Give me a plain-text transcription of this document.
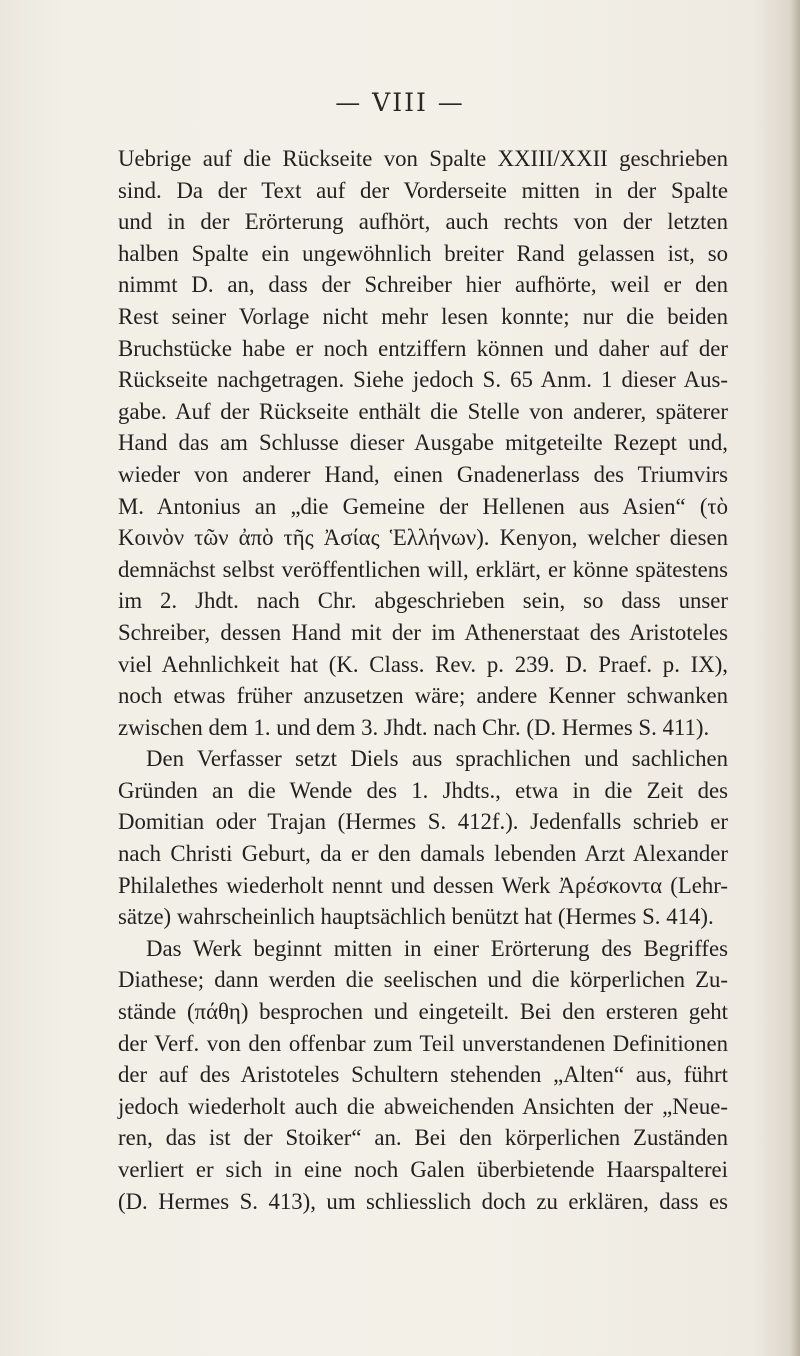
— VIII —
Uebrige auf die Rückseite von Spalte XXIII/XXII geschrieben
sind. Da der Text auf der Vorderseite mitten in der Spalte
und in der Erörterung aufhört, auch rechts von der letzten
halben Spalte ein ungewöhnlich breiter Rand gelassen ist, so
nimmt D. an, dass der Schreiber hier aufhörte, weil er den
Rest seiner Vorlage nicht mehr lesen konnte; nur die beiden
Bruchstücke habe er noch entziffern können und daher auf der
Rückseite nachgetragen. Siehe jedoch S. 65 Anm. 1 dieser Aus-
gabe. Auf der Rückseite enthält die Stelle von anderer, späterer
Hand das am Schlusse dieser Ausgabe mitgeteilte Rezept und,
wieder von anderer Hand, einen Gnadenerlass des Triumvirs
M. Antonius an „die Gemeine der Hellenen aus Asien“ (τὸ
Κοινὸν τῶν ἀπὸ τῆς Ἀσίας Ἑλλήνων). Kenyon, welcher diesen
demnächst selbst veröffentlichen will, erklärt, er könne spätestens
im 2. Jhdt. nach Chr. abgeschrieben sein, so dass unser
Schreiber, dessen Hand mit der im Athenerstaat des Aristoteles
viel Aehnlichkeit hat (K. Class. Rev. p. 239. D. Praef. p. IX),
noch etwas früher anzusetzen wäre; andere Kenner schwanken
zwischen dem 1. und dem 3. Jhdt. nach Chr. (D. Hermes S. 411).
Den Verfasser setzt Diels aus sprachlichen und sachlichen
Gründen an die Wende des 1. Jhdts., etwa in die Zeit des
Domitian oder Trajan (Hermes S. 412f.). Jedenfalls schrieb er
nach Christi Geburt, da er den damals lebenden Arzt Alexander
Philalethes wiederholt nennt und dessen Werk Ἀρέσκοντα (Lehr-
sätze) wahrscheinlich hauptsächlich benützt hat (Hermes S. 414).
Das Werk beginnt mitten in einer Erörterung des Begriffes
Diathese; dann werden die seelischen und die körperlichen Zu-
stände (πάθη) besprochen und eingeteilt. Bei den ersteren geht
der Verf. von den offenbar zum Teil unverstandenen Definitionen
der auf des Aristoteles Schultern stehenden „Alten“ aus, führt
jedoch wiederholt auch die abweichenden Ansichten der „Neue-
ren, das ist der Stoiker“ an. Bei den körperlichen Zuständen
verliert er sich in eine noch Galen überbietende Haarspalterei
(D. Hermes S. 413), um schliesslich doch zu erklären, dass es
